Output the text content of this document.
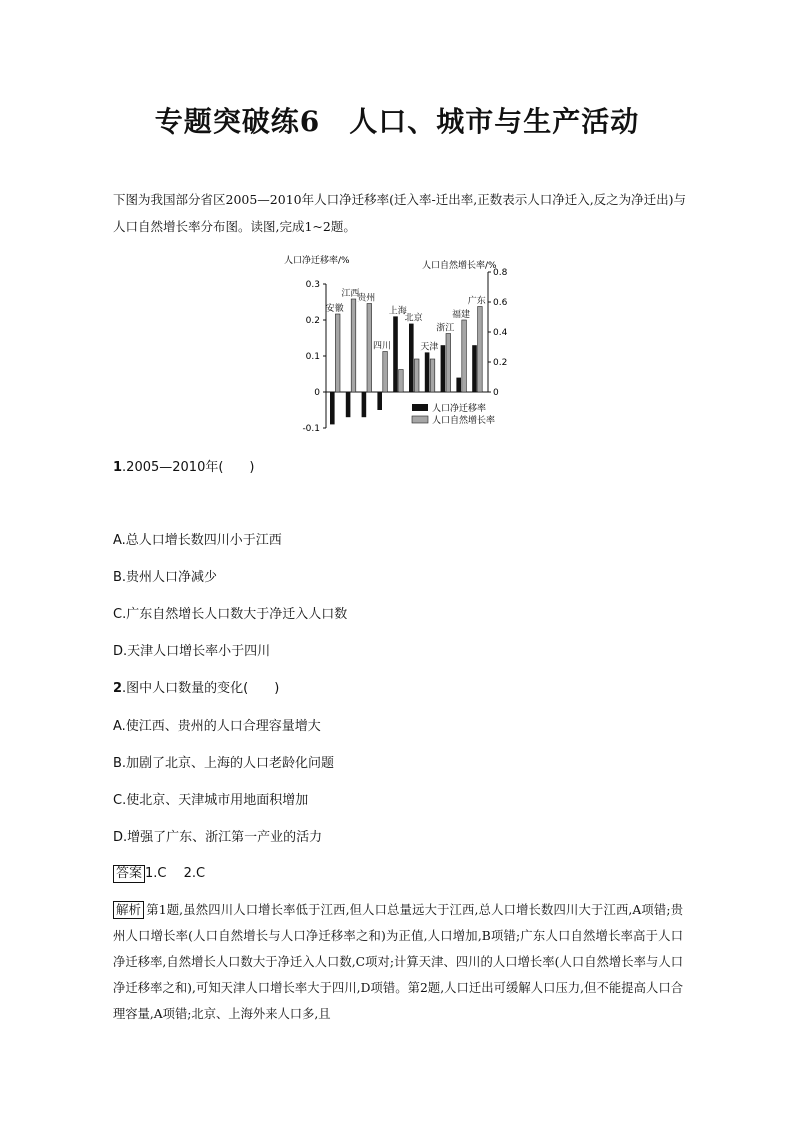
专题突破练6　人口、城市与生产活动
下图为我国部分省区2005—2010年人口净迁移率(迁入率-迁出率,正数表示人口净迁入,反之为净迁出)与人口自然增长率分布图。读图,完成1~2题。
人口净迁移率/%	人口自然增长率/%
0.3
0.2
0.1
0
-0.1
0.8
0.6
0.4
0.2
0
安徽
江西
贵州
四川
上海
北京
天津
浙江
福建
广东
人口净迁移率
人口自然增长率
1.2005—2010年(　　)
A.总人口增长数四川小于江西
B.贵州人口净减少
C.广东自然增长人口数大于净迁入人口数
D.天津人口增长率小于四川
2.图中人口数量的变化(　　)
A.使江西、贵州的人口合理容量增大
B.加剧了北京、上海的人口老龄化问题
C.使北京、天津城市用地面积增加
D.增强了广东、浙江第一产业的活力
答案 1.C　 2.C
解析 第1题,虽然四川人口增长率低于江西,但人口总量远大于江西,总人口增长数四川大于江西,A项错;贵州人口增长率(人口自然增长与人口净迁移率之和)为正值,人口增加,B项错;广东人口自然增长率高于人口净迁移率,自然增长人口数大于净迁入人口数,C项对;计算天津、四川的人口增长率(人口自然增长率与人口净迁移率之和),可知天津人口增长率大于四川,D项错。第2题,人口迁出可缓解人口压力,但不能提高人口合理容量,A项错;北京、上海外来人口多,且
